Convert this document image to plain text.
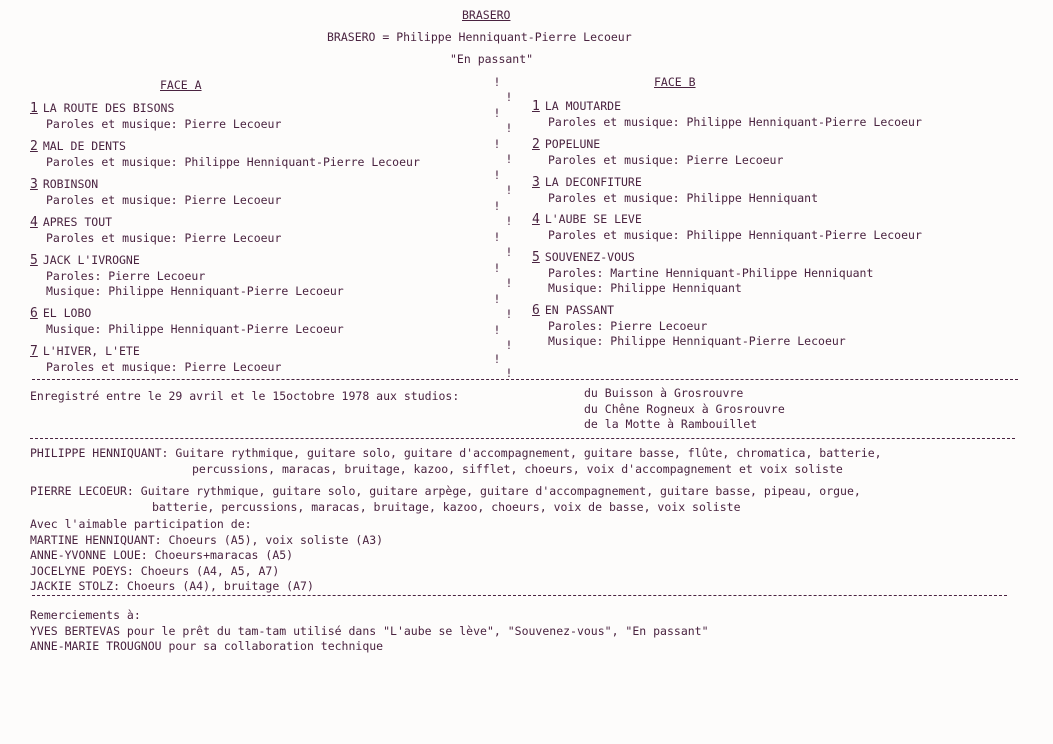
BRASERO
BRASERO = Philippe Henniquant-Pierre Lecoeur
"En passant"
FACE A	FACE B
1 LA ROUTE DES BISONS
Paroles et musique: Pierre Lecoeur
2 MAL DE DENTS
Paroles et musique: Philippe Henniquant-Pierre Lecoeur
3 ROBINSON
Paroles et musique: Pierre Lecoeur
4 APRES TOUT
Paroles et musique: Pierre Lecoeur
5 JACK L'IVROGNE
Paroles: Pierre Lecoeur
Musique: Philippe Henniquant-Pierre Lecoeur
6 EL LOBO
Musique: Philippe Henniquant-Pierre Lecoeur
7 L'HIVER, L'ETE
Paroles et musique: Pierre Lecoeur
1 LA MOUTARDE
Paroles et musique: Philippe Henniquant-Pierre Lecoeur
2 POPELUNE
Paroles et musique: Pierre Lecoeur
3 LA DECONFITURE
Paroles et musique: Philippe Henniquant
4 L'AUBE SE LEVE
Paroles et musique: Philippe Henniquant-Pierre Lecoeur
5 SOUVENEZ-VOUS
Paroles: Martine Henniquant-Philippe Henniquant
Musique: Philippe Henniquant
6 EN PASSANT
Paroles: Pierre Lecoeur
Musique: Philippe Henniquant-Pierre Lecoeur
!
!
!
!
!
!
!
!
!
!
!
!
!
!
!
!
!
!
!
!
Enregistré entre le 29 avril et le 15octobre 1978 aux studios:	du Buisson à Grosrouvre
du Chêne Rogneux à Grosrouvre
de la Motte à Rambouillet
PHILIPPE HENNIQUANT: Guitare rythmique, guitare solo, guitare d'accompagnement, guitare basse, flûte, chromatica, batterie,
percussions, maracas, bruitage, kazoo, sifflet, choeurs, voix d'accompagnement et voix soliste
PIERRE LECOEUR: Guitare rythmique, guitare solo, guitare arpège, guitare d'accompagnement, guitare basse, pipeau, orgue,
batterie, percussions, maracas, bruitage, kazoo, choeurs, voix de basse, voix soliste
Avec l'aimable participation de:
MARTINE HENNIQUANT: Choeurs (A5), voix soliste (A3)
ANNE-YVONNE LOUE: Choeurs+maracas (A5)
JOCELYNE POEYS: Choeurs (A4, A5, A7)
JACKIE STOLZ: Choeurs (A4), bruitage (A7)
Remerciements à:
YVES BERTEVAS pour le prêt du tam-tam utilisé dans "L'aube se lève", "Souvenez-vous", "En passant"
ANNE-MARIE TROUGNOU pour sa collaboration technique
